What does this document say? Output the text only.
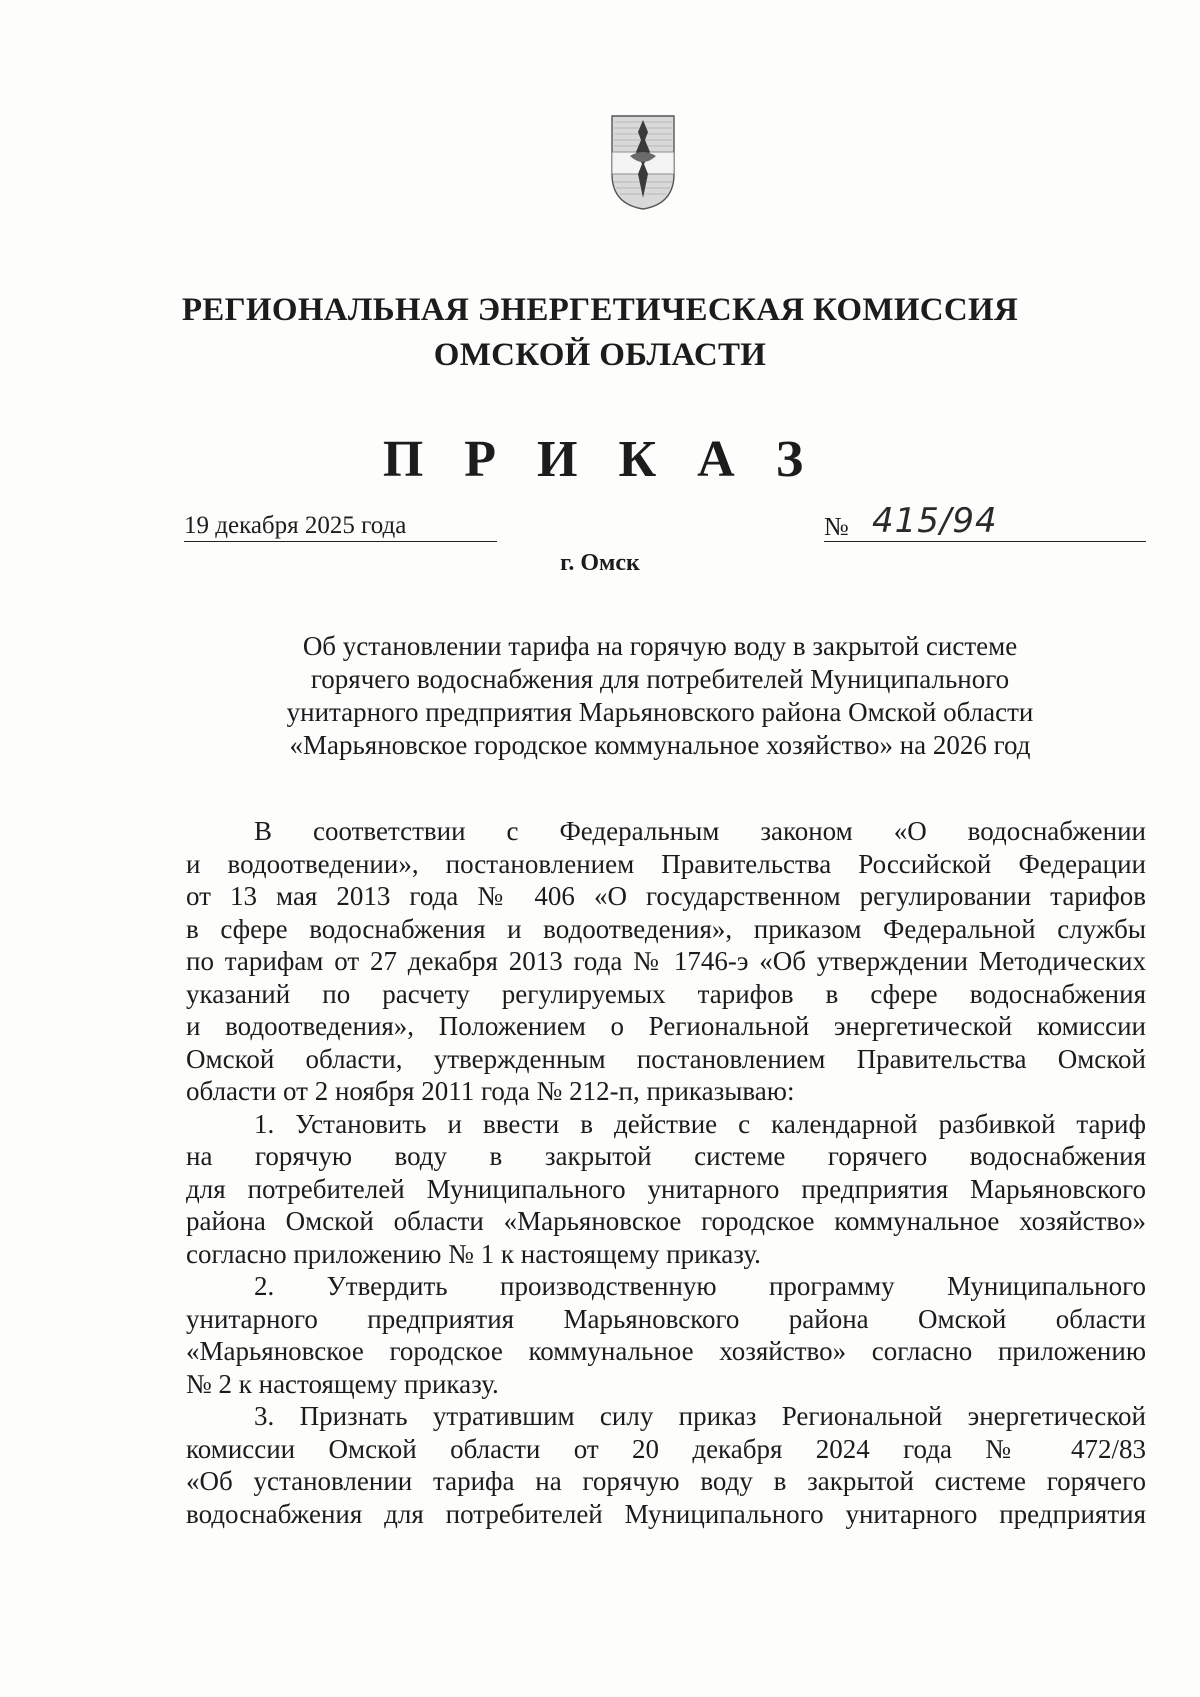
РЕГИОНАЛЬНАЯ ЭНЕРГЕТИЧЕСКАЯ КОМИССИЯ
ОМСКОЙ ОБЛАСТИ
П Р И К А З
19 декабря 2025 года	№ 415/94
г. Омск
Об установлении тарифа на горячую воду в закрытой системе
горячего водоснабжения для потребителей Муниципального
унитарного предприятия Марьяновского района Омской области
«Марьяновское городское коммунальное хозяйство» на 2026 год
В соответствии с Федеральным законом «О водоснабжении
и водоотведении», постановлением Правительства Российской Федерации
от 13 мая 2013 года № 406 «О государственном регулировании тарифов
в сфере водоснабжения и водоотведения», приказом Федеральной службы
по тарифам от 27 декабря 2013 года № 1746-э «Об утверждении Методических
указаний по расчету регулируемых тарифов в сфере водоснабжения
и водоотведения», Положением о Региональной энергетической комиссии
Омской области, утвержденным постановлением Правительства Омской
области от 2 ноября 2011 года № 212-п, приказываю:
1. Установить и ввести в действие с календарной разбивкой тариф
на горячую воду в закрытой системе горячего водоснабжения
для потребителей Муниципального унитарного предприятия Марьяновского
района Омской области «Марьяновское городское коммунальное хозяйство»
согласно приложению № 1 к настоящему приказу.
2. Утвердить производственную программу Муниципального
унитарного предприятия Марьяновского района Омской области
«Марьяновское городское коммунальное хозяйство» согласно приложению
№ 2 к настоящему приказу.
3. Признать утратившим силу приказ Региональной энергетической
комиссии Омской области от 20 декабря 2024 года № 472/83
«Об установлении тарифа на горячую воду в закрытой системе горячего
водоснабжения для потребителей Муниципального унитарного предприятия
